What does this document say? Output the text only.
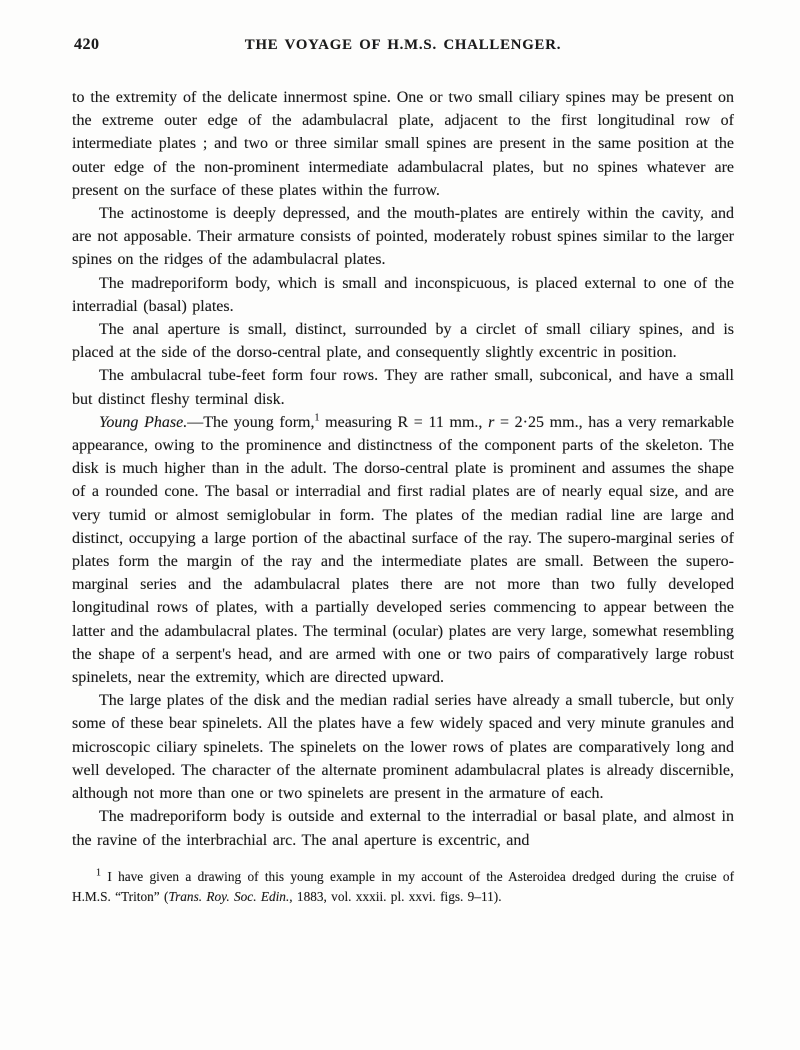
420	THE VOYAGE OF H.M.S. CHALLENGER.

to the extremity of the delicate innermost spine. One or two small ciliary spines may be present on the extreme outer edge of the adambulacral plate, adjacent to the first longitudinal row of intermediate plates ; and two or three similar small spines are present in the same position at the outer edge of the non-prominent intermediate adambulacral plates, but no spines whatever are present on the surface of these plates within the furrow.

The actinostome is deeply depressed, and the mouth-plates are entirely within the cavity, and are not apposable. Their armature consists of pointed, moderately robust spines similar to the larger spines on the ridges of the adambulacral plates.

The madreporiform body, which is small and inconspicuous, is placed external to one of the interradial (basal) plates.

The anal aperture is small, distinct, surrounded by a circlet of small ciliary spines, and is placed at the side of the dorso-central plate, and consequently slightly excentric in position.

The ambulacral tube-feet form four rows. They are rather small, subconical, and have a small but distinct fleshy terminal disk.

Young Phase.—The young form,$^1$ measuring R = 11 mm., r = 2·25 mm., has a very remarkable appearance, owing to the prominence and distinctness of the component parts of the skeleton. The disk is much higher than in the adult. The dorso-central plate is prominent and assumes the shape of a rounded cone. The basal or interradial and first radial plates are of nearly equal size, and are very tumid or almost semiglobular in form. The plates of the median radial line are large and distinct, occupying a large portion of the abactinal surface of the ray. The supero-marginal series of plates form the margin of the ray and the intermediate plates are small. Between the supero-marginal series and the adambulacral plates there are not more than two fully developed longitudinal rows of plates, with a partially developed series commencing to appear between the latter and the adambulacral plates. The terminal (ocular) plates are very large, somewhat resembling the shape of a serpent's head, and are armed with one or two pairs of comparatively large robust spinelets, near the extremity, which are directed upward.

The large plates of the disk and the median radial series have already a small tubercle, but only some of these bear spinelets. All the plates have a few widely spaced and very minute granules and microscopic ciliary spinelets. The spinelets on the lower rows of plates are comparatively long and well developed. The character of the alternate prominent adambulacral plates is already discernible, although not more than one or two spinelets are present in the armature of each.

The madreporiform body is outside and external to the interradial or basal plate, and almost in the ravine of the interbrachial arc. The anal aperture is excentric, and

$^1$ I have given a drawing of this young example in my account of the Asteroidea dredged during the cruise of H.M.S. “Triton” (Trans. Roy. Soc. Edin., 1883, vol. xxxii. pl. xxvi. figs. 9–11).
